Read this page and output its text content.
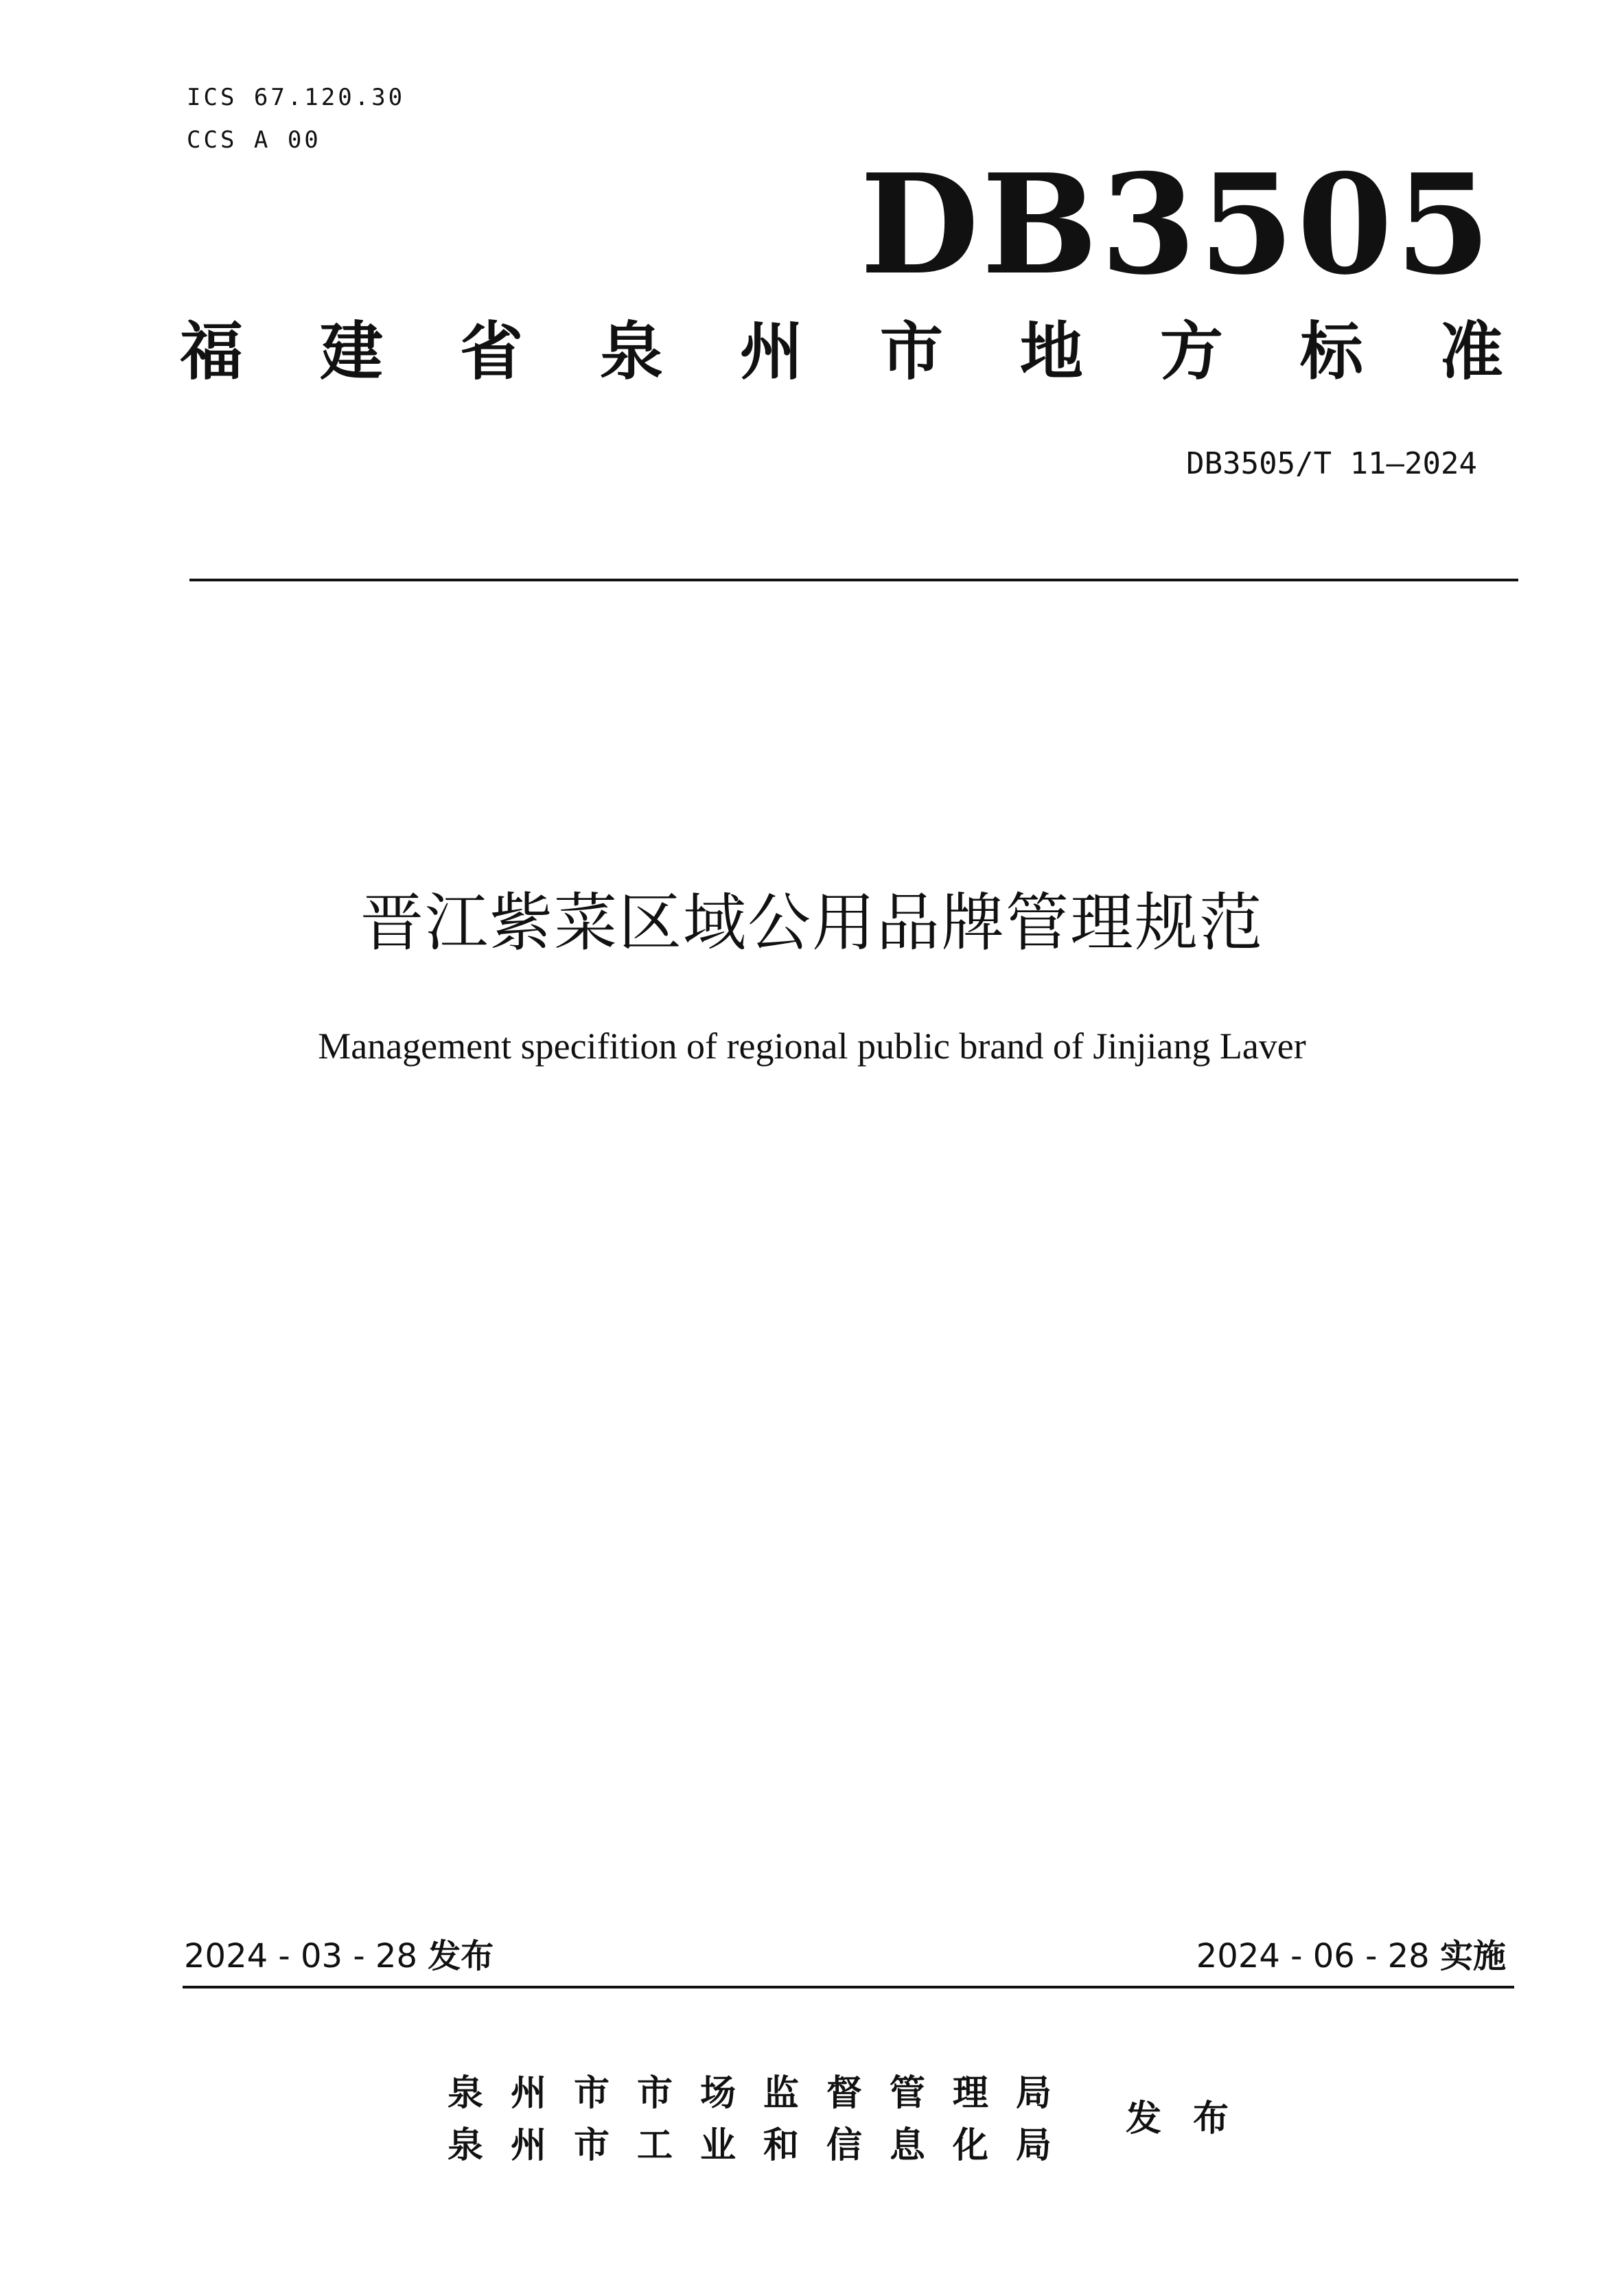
ICS 67.120.30
CCS A 00
DB3505
福 建 省 泉 州 市 地 方 标 准
DB3505/T 11—2024
晋江紫菜区域公用品牌管理规范
Management specifition of regional public brand of Jinjiang Laver
2024 - 03 - 28 发布	2024 - 06 - 28 实施
泉 州 市 市 场 监 督 管 理 局
泉 州 市 工 业 和 信 息 化 局
发 布
